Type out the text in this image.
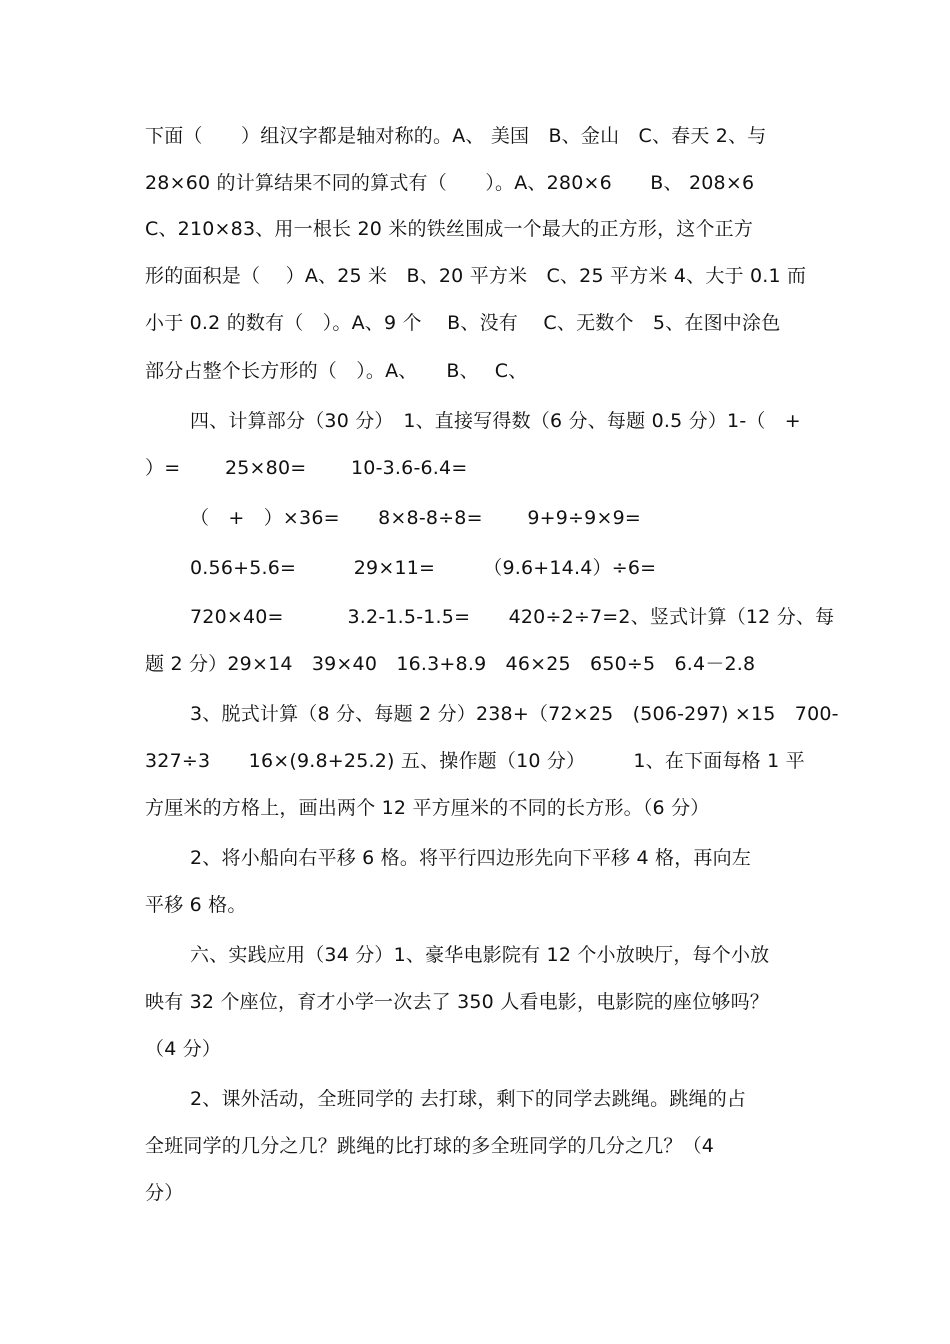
下面（　　）组汉字都是轴对称的。A、 美国　B、金山　C、春天 2、与
28×60 的计算结果不同的算式有（　　）。A、280×6　　B、 208×6
C、210×83、用一根长 20 米的铁丝围成一个最大的正方形，这个正方
形的面积是（　 ）A、25 米　B、20 平方米　C、25 平方米 4、大于 0.1 而
小于 0.2 的数有（　）。A、9 个　 B、没有　 C、无数个　5、在图中涂色
部分占整个长方形的（　）。A、　　B、　 C、
四、计算部分（30 分）　1、直接写得数（6 分、每题 0.5 分）1-（　+
）=　　 25×80=　　 10-3.6-6.4=
（　+　）×36=　　8×8-8÷8=　　 9+9÷9×9=
0.56+5.6=　　　29×11=　　　（9.6+14.4）÷6=
720×40=　　　 3.2-1.5-1.5=　　420÷2÷7=2、竖式计算（12 分、每
题 2 分）29×14　39×40　16.3+8.9　46×25　650÷5　6.4－2.8
3、脱式计算（8 分、每题 2 分）238+（72×25　(506-297) ×15　700-
327÷3　　16×(9.8+25.2) 五、操作题（10 分）　　　1、在下面每格 1 平
方厘米的方格上，画出两个 12 平方厘米的不同的长方形。（6 分）
2、将小船向右平移 6 格。将平行四边形先向下平移 4 格，再向左
平移 6 格。
六、实践应用（34 分）1、豪华电影院有 12 个小放映厅，每个小放
映有 32 个座位，育才小学一次去了 350 人看电影，电影院的座位够吗？
（4 分）
2、课外活动，全班同学的 去打球，剩下的同学去跳绳。跳绳的占
全班同学的几分之几？跳绳的比打球的多全班同学的几分之几？（4
分）
